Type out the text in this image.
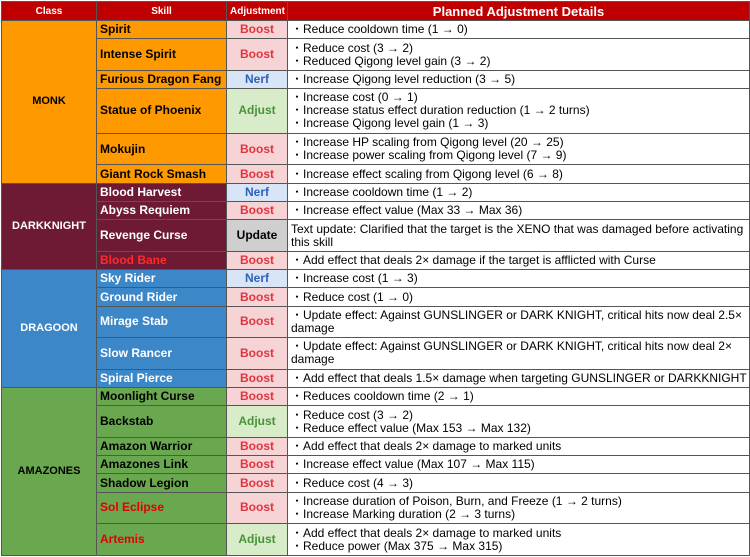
Class	Skill	Adjustment	Planned Adjustment Details
MONK	Spirit	Boost	・Reduce cooldown time (1 → 0)

	Intense Spirit	Boost	・Reduce cost (3 → 2)
・Reduced Qigong level gain (3 → 2)

	Furious Dragon Fang	Nerf	・Increase Qigong level reduction (3 → 5)

	Statue of Phoenix	Adjust	・Increase cost (0 → 1)
・Increase status effect duration reduction (1 → 2 turns)
・Increase Qigong level gain (1 → 3)

	Mokujin	Boost	・Increase HP scaling from Qigong level (20 → 25)
・Increase power scaling from Qigong level (7 → 9)

	Giant Rock Smash	Boost	・Increase effect scaling from Qigong level (6 → 8)

DARKKNIGHT	Blood Harvest	Nerf	・Increase cooldown time (1 → 2)

	Abyss Requiem	Boost	・Increase effect value (Max 33 → Max 36)

	Revenge Curse	Update	Text update: Clarified that the target is the XENO that was damaged before activating this skill

	Blood Bane	Boost	・Add effect that deals 2× damage if the target is afflicted with Curse

DRAGOON	Sky Rider	Nerf	・Increase cost (1 → 3)

	Ground Rider	Boost	・Reduce cost (1 → 0)

	Mirage Stab	Boost	・Update effect: Against GUNSLINGER or DARK KNIGHT, critical hits now deal 2.5× damage

	Slow Rancer	Boost	・Update effect: Against GUNSLINGER or DARK KNIGHT, critical hits now deal 2× damage

	Spiral Pierce	Boost	・Add effect that deals 1.5× damage when targeting GUNSLINGER or DARKKNIGHT

AMAZONES	Moonlight Curse	Boost	・Reduces cooldown time (2 → 1)

	Backstab	Adjust	・Reduce cost (3 → 2)
・Reduce effect value (Max 153 → Max 132)

	Amazon Warrior	Boost	・Add effect that deals 2× damage to marked units

	Amazones Link	Boost	・Increase effect value (Max 107 → Max 115)

	Shadow Legion	Boost	・Reduce cost (4 → 3)

	Sol Eclipse	Boost	・Increase duration of Poison, Burn, and Freeze (1 → 2 turns)
・Increase Marking duration (2 → 3 turns)

	Artemis	Adjust	・Add effect that deals 2× damage to marked units
・Reduce power (Max 375 → Max 315)
